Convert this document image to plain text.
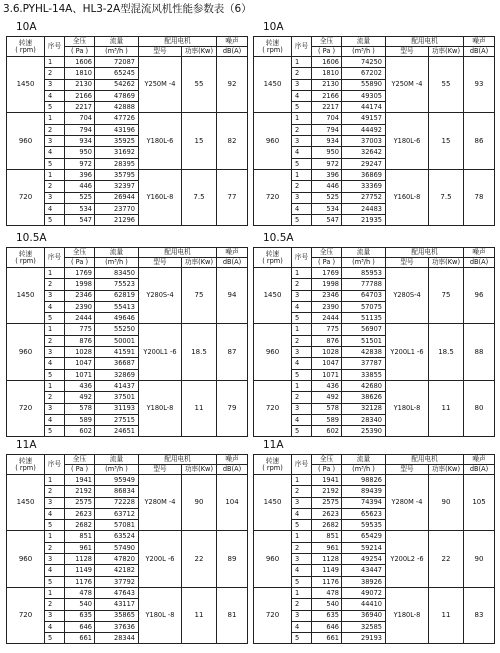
3.6.PYHL-14A、HL3-2A型混流风机性能参数表（6）
10A
转速
( rpm)	序号	全压	流量	配用电机		噪声
		( Pa )	(m³/h )	型号	功率(Kw)	dB(A)
1450	1	1606	72087	Y250M -4	55	92
	2	1810	65245			
	3	2130	54262			
	4	2166	47869			
	5	2217	42888			
960	1	704	47726	Y180L-6	15	82
	2	794	43196			
	3	934	35925			
	4	950	31692			
	5	972	28395			
720	1	396	35795	Y160L-8	7.5	77
	2	446	32397			
	3	525	26944			
	4	534	23770			
	5	547	21296			
10A
转速
( rpm)	序号	全压	流量	配用电机		噪声
		( Pa )	(m³/h )	型号	功率(Kw)	dB(A)
1450	1	1606	74250	Y250M -4	55	93
	2	1810	67202			
	3	2130	55890			
	4	2166	49305			
	5	2217	44174			
960	1	704	49157	Y180L-6	15	86
	2	794	44492			
	3	934	37003			
	4	950	32642			
	5	972	29247			
720	1	396	36869	Y160L-8	7.5	78
	2	446	33369			
	3	525	27752			
	4	534	24483			
	5	547	21935			
10.5A
转速
( rpm)	序号	全压	流量	配用电机		噪声
		( Pa )	(m³/h )	型号	功率(Kw)	dB(A)
1450	1	1769	83450	Y280S-4	75	94
	2	1998	75523			
	3	2346	62819			
	4	2390	55413			
	5	2444	49646			
960	1	775	55250	Y200L1 -6	18.5	87
	2	876	50001			
	3	1028	41591			
	4	1047	36687			
	5	1071	32869			
720	1	436	41437	Y180L-8	11	79
	2	492	37501			
	3	578	31193			
	4	589	27515			
	5	602	24651			
10.5A
转速
( rpm)	序号	全压	流量	配用电机		噪声
		( Pa )	(m³/h )	型号	功率(Kw)	dB(A)
1450	1	1769	85953	Y280S-4	75	96
	2	1998	77788			
	3	2346	64703			
	4	2390	57075			
	5	2444	51135			
960	1	775	56907	Y200L1 -6	18.5	88
	2	876	51501			
	3	1028	42838			
	4	1047	37787			
	5	1071	33855			
720	1	436	42680	Y180L-8	11	80
	2	492	38626			
	3	578	32128			
	4	589	28340			
	5	602	25390			
11A
转速
( rpm)	序号	全压	流量	配用电机		噪声
		( Pa )	(m³/h )	型号	功率(Kw)	dB(A)
1450	1	1941	95949	Y280M -4	90	104
	2	2192	86834			
	3	2575	72228			
	4	2623	63712			
	5	2682	57081			
960	1	851	63524	Y200L -6	22	89
	2	961	57490			
	3	1128	47820			
	4	1149	42182			
	5	1176	37792			
720	1	478	47643	Y180L -8	11	81
	2	540	43117			
	3	635	35865			
	4	646	37636			
	5	661	28344			
11A
转速
( rpm)	序号	全压	流量	配用电机		噪声
		( Pa )	(m³/h )	型号	功率(Kw)	dB(A)
1450	1	1941	98826	Y280M -4	90	105
	2	2192	89439			
	3	2575	74394			
	4	2623	65623			
	5	2682	59535			
960	1	851	65429	Y200L2 -6	22	90
	2	961	59214			
	3	1128	49254			
	4	1149	43447			
	5	1176	38926			
720	1	478	49072	Y180L-8	11	83
	2	540	44410			
	3	635	36940			
	4	646	32585			
	5	661	29193			
